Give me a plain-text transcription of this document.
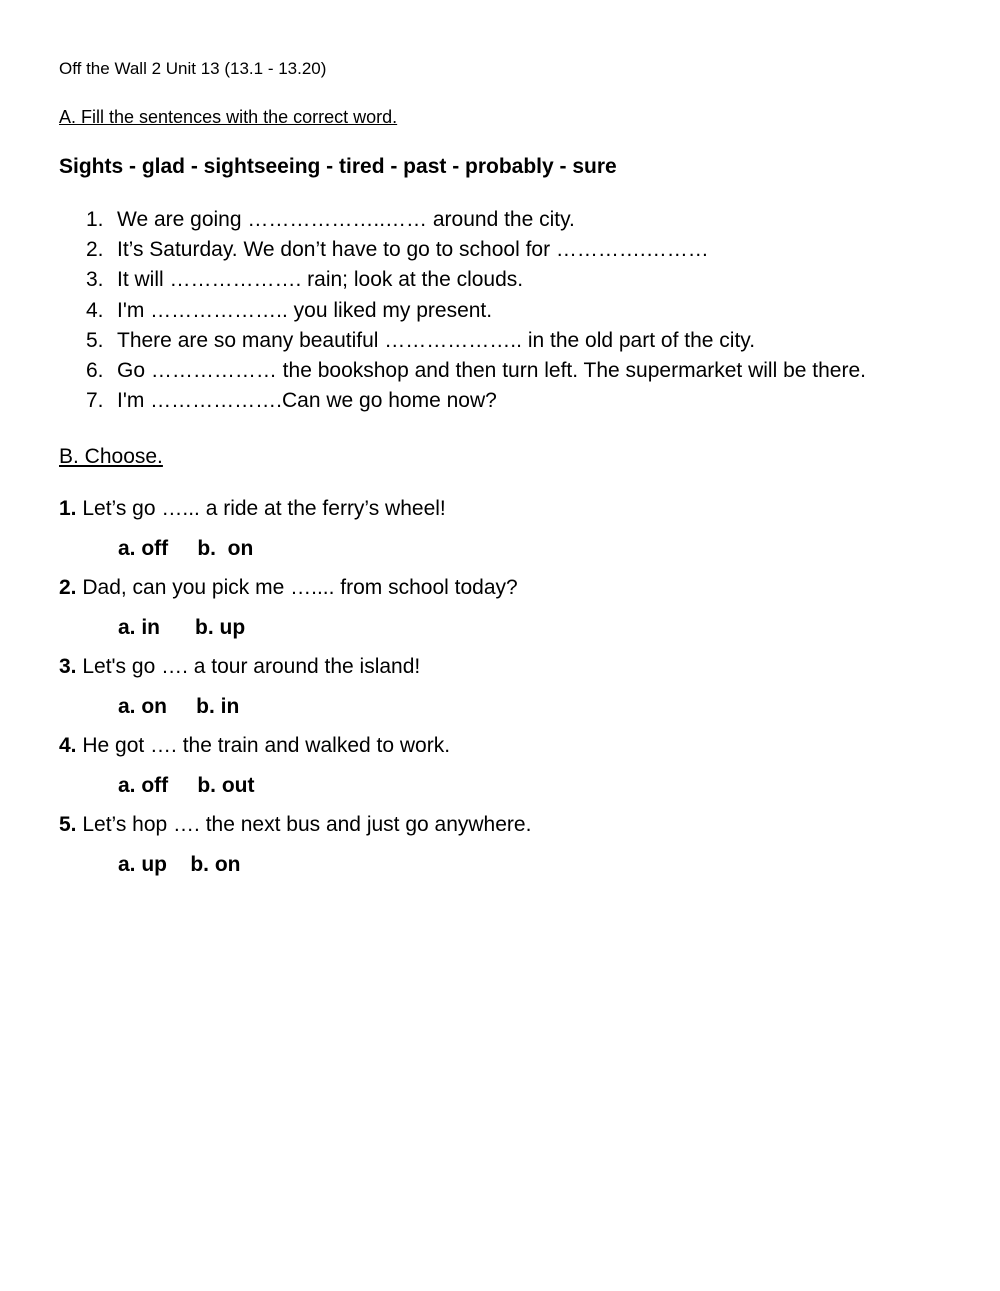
Off the Wall 2 Unit 13 (13.1 - 13.20)
A. Fill the sentences with the correct word.
Sights - glad - sightseeing - tired - past - probably - sure
1. We are going ………………..…… around the city.
2. It’s Saturday. We don’t have to go to school for ………….………
3. It will ………………. rain; look at the clouds.
4. I'm ……………….. you liked my present.
5. There are so many beautiful ……………….. in the old part of the city.
6. Go ……………… the bookshop and then turn left. The supermarket will be there.
7. I'm ……………….Can we go home now?
B. Choose.
1. Let’s go …... a ride at the ferry’s wheel!
a. off     b.  on
2. Dad, can you pick me ….... from school today?
a. in      b. up
3. Let's go …. a tour around the island!
a. on     b. in
4. He got …. the train and walked to work.
a. off     b. out
5. Let’s hop …. the next bus and just go anywhere.
a. up    b. on
